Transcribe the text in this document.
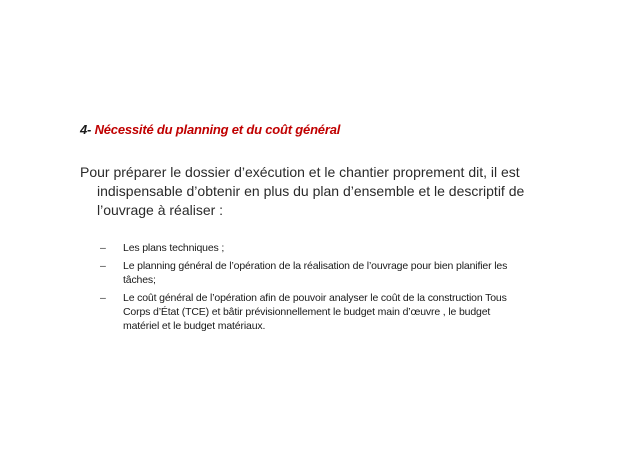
4- Nécessité du planning et du coût général
Pour préparer le dossier d’exécution et le chantier proprement dit, il est
indispensable d’obtenir en plus du plan d’ensemble et le descriptif de
l’ouvrage à réaliser :
– Les plans techniques ;
– Le planning général de l’opération de la réalisation de l’ouvrage pour bien planifier les
tâches;
– Le coût général de l’opération afin de pouvoir analyser le coût de la construction Tous
Corps d’État (TCE) et bâtir prévisionnellement le budget main d’œuvre , le budget
matériel et le budget matériaux.
